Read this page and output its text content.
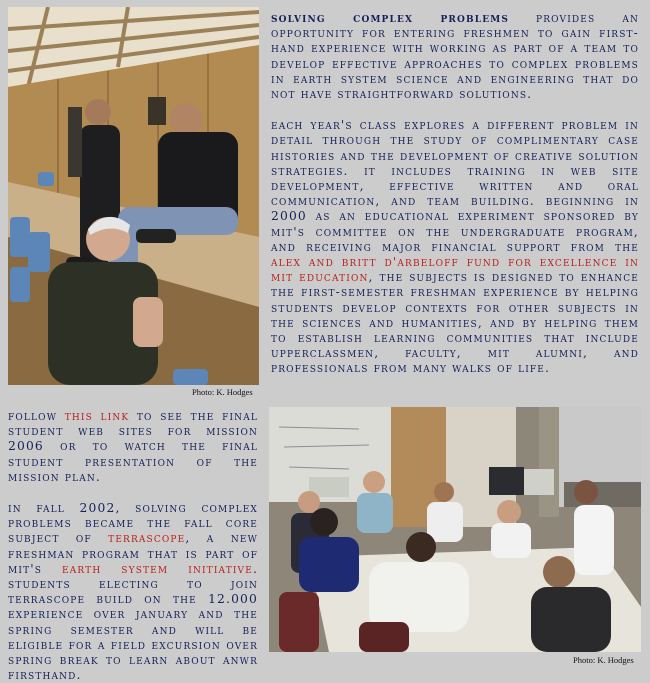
Photo: K. Hodges

solving complex problems provides an opportunity for entering freshmen to gain first-hand experience with working as part of a team to develop effective approaches to complex problems in earth system science and engineering that do not have straightforward solutions.

each year's class explores a different problem in detail through the study of complimentary case histories and the development of creative solution strategies. it includes training in web site development, effective written and oral communication, and team building. beginning in 2000 as an educational experiment sponsored by mit's committee on the undergraduate program, and receiving major financial support from the alex and britt d'arbeloff fund for excellence in mit education, the subjects is designed to enhance the first-semester freshman experience by helping students develop contexts for other subjects in the sciences and humanities, and by helping them to establish learning communities that include upperclassmen, faculty, mit alumni, and professionals from many walks of life.

follow this link to see the final student web sites for mission 2006 or to watch the final student presentation of the mission plan.

in fall 2002, solving complex problems became the fall core subject of terrascope, a new freshman program that is part of mit's earth system initiative. students electing to join terrascope build on the 12.000 experience over january and the spring semester and will be eligible for a field excursion over spring break to learn about anwr firsthand.

Photo: K. Hodges
